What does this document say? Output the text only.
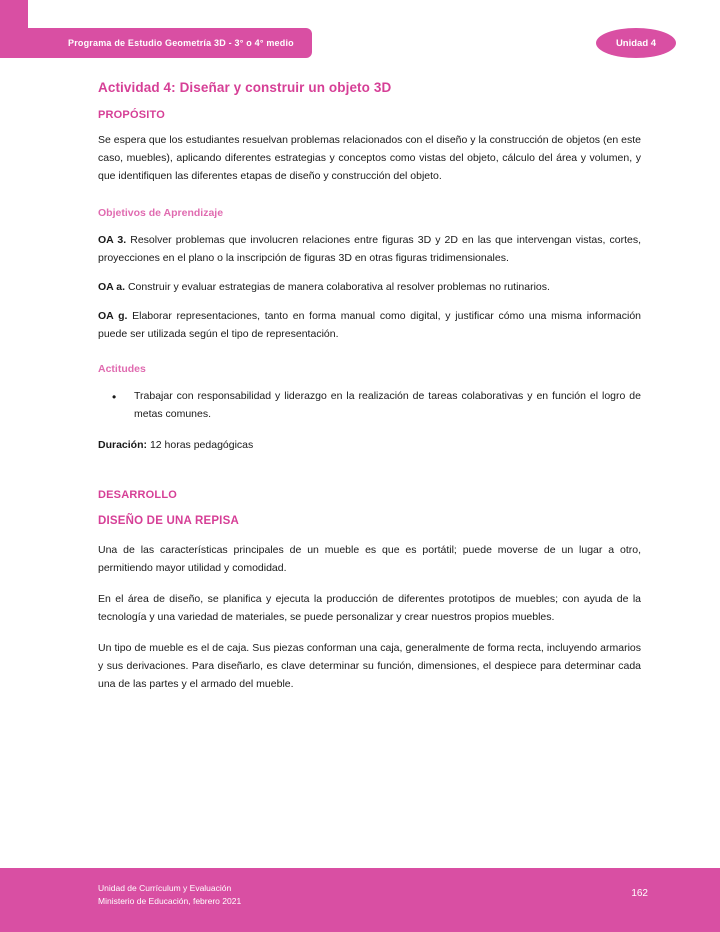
Programa de Estudio Geometría 3D - 3° o 4° medio	Unidad 4
Actividad 4: Diseñar y construir un objeto 3D
PROPÓSITO

Se espera que los estudiantes resuelvan problemas relacionados con el diseño y la construcción de objetos (en este caso, muebles), aplicando diferentes estrategias y conceptos como vistas del objeto, cálculo del área y volumen, y que identifiquen las diferentes etapas de diseño y construcción del objeto.

Objetivos de Aprendizaje

OA 3. Resolver problemas que involucren relaciones entre figuras 3D y 2D en las que intervengan vistas, cortes, proyecciones en el plano o la inscripción de figuras 3D en otras figuras tridimensionales.

OA a. Construir y evaluar estrategias de manera colaborativa al resolver problemas no rutinarios.

OA g. Elaborar representaciones, tanto en forma manual como digital, y justificar cómo una misma información puede ser utilizada según el tipo de representación.

Actitudes
• Trabajar con responsabilidad y liderazgo en la realización de tareas colaborativas y en función el logro de metas comunes.

Duración: 12 horas pedagógicas

DESARROLLO
DISEÑO DE UNA REPISA

Una de las características principales de un mueble es que es portátil; puede moverse de un lugar a otro, permitiendo mayor utilidad y comodidad.

En el área de diseño, se planifica y ejecuta la producción de diferentes prototipos de muebles; con ayuda de la tecnología y una variedad de materiales, se puede personalizar y crear nuestros propios muebles.

Un tipo de mueble es el de caja. Sus piezas conforman una caja, generalmente de forma recta, incluyendo armarios y sus derivaciones. Para diseñarlo, es clave determinar su función, dimensiones, el despiece para determinar cada una de las partes y el armado del mueble.

Unidad de Currículum y Evaluación
Ministerio de Educación, febrero 2021
162
